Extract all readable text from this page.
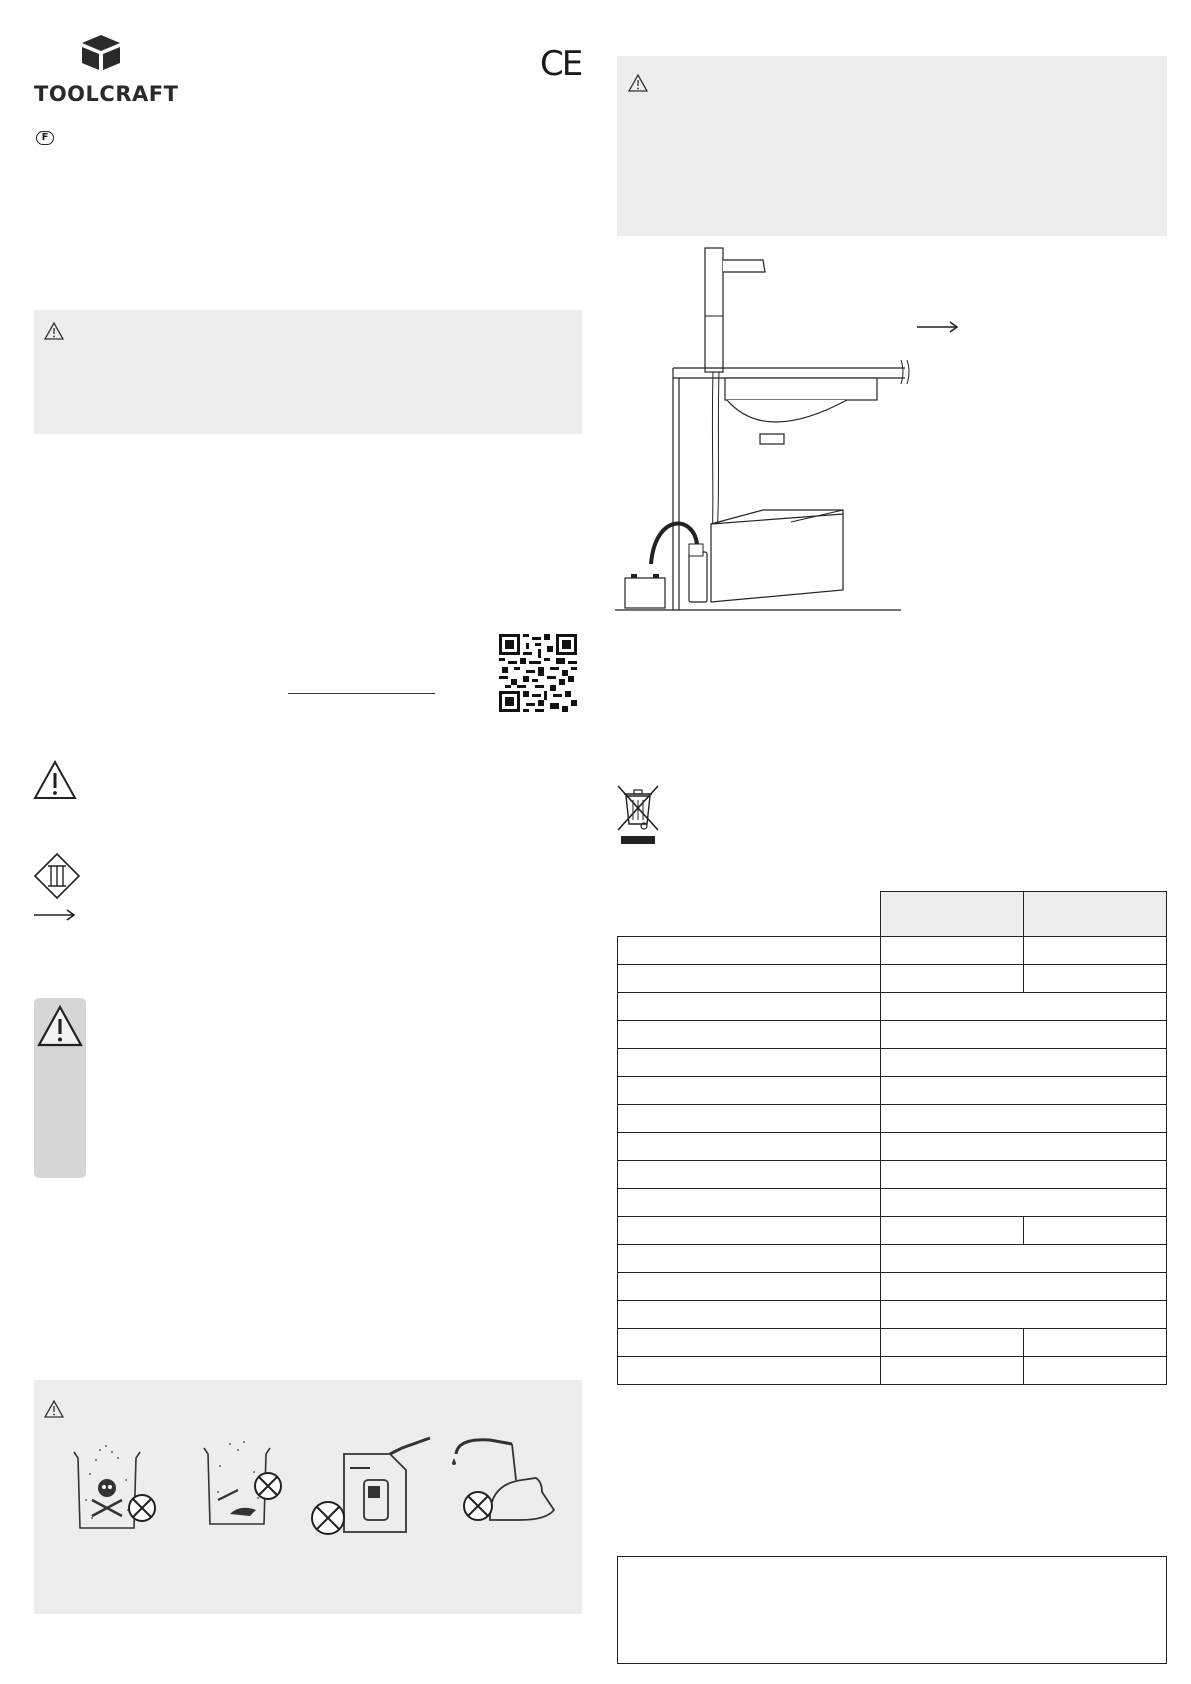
TOOLCRAFT
CE
F
